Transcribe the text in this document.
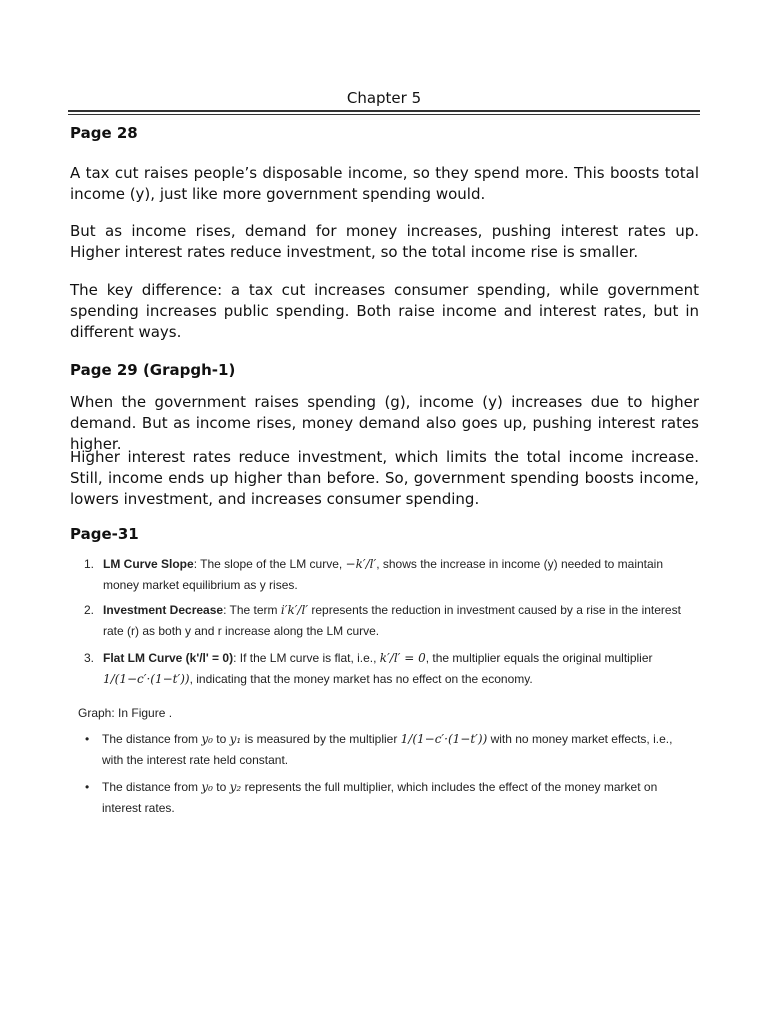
Chapter 5
Page 28
A tax cut raises people’s disposable income, so they spend more. This boosts total income (y), just like more government spending would.
But as income rises, demand for money increases, pushing interest rates up. Higher interest rates reduce investment, so the total income rise is smaller.
The key difference: a tax cut increases consumer spending, while government spending increases public spending. Both raise income and interest rates, but in different ways.
Page 29 (Grapgh-1)
When the government raises spending (g), income (y) increases due to higher demand. But as income rises, money demand also goes up, pushing interest rates higher.
Higher interest rates reduce investment, which limits the total income increase. Still, income ends up higher than before. So, government spending boosts income, lowers investment, and increases consumer spending.
Page-31
1. LM Curve Slope: The slope of the LM curve, −k′/l′, shows the increase in income (y) needed to maintain money market equilibrium as y rises.
2. Investment Decrease: The term i′k′/l′ represents the reduction in investment caused by a rise in the interest rate (r) as both y and r increase along the LM curve.
3. Flat LM Curve (k'/l' = 0): If the LM curve is flat, i.e., k′/l′ = 0, the multiplier equals the original multiplier
1/(1−c′·(1−t′)), indicating that the money market has no effect on the economy.
Graph: In Figure .
• The distance from y₀ to y₁ is measured by the multiplier 1/(1−c′·(1−t′)) with no money market effects, i.e., with the interest rate held constant.
• The distance from y₀ to y₂ represents the full multiplier, which includes the effect of the money market on interest rates.
